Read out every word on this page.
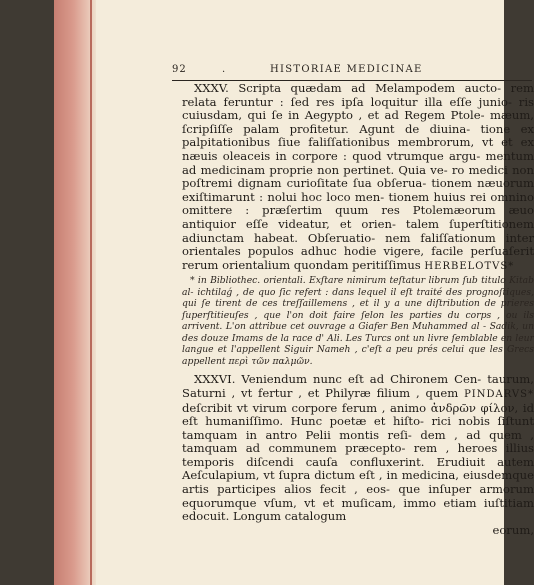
92	.	HISTORIAE MEDICINAE

XXXV. Scripta quædam ad Melampodem aucto- rem relata feruntur : ſed res ipſa loquitur illa eſſe junio- ris cuiusdam, qui ſe in Aegypto , et ad Regem Ptole- mæum, ſcripſiſſe palam profitetur. Agunt de diuina- tione ex palpitationibus ſiue faliſſationibus membrorum, vt et ex næuis oleaceis in corpore : quod vtrumque argu- mentum ad medicinam proprie non pertinet. Quia ve- ro medici non poſtremi dignam curioſitate ſua obſerua- tionem næuorum exiſtimarunt : nolui hoc loco men- tionem huius rei omnino omittere : præſertim quum res Ptolemæorum æuo antiquior eſſe videatur, et orien- talem ſuperſtitionem adiunctam habeat. Obſeruatio- nem faliſſationum inter orientales populos adhuc hodie vigere, facile perſuaſerit rerum orientalium quondam peritiſſimus HERBELOTVS*

* in Bibliothec. orientali. Exſtare nimirum teſtatur librum ſub titulo Kitab al- ichtilaǵ , de quo ſic refert : dans lequel il eſt traité des prognoſtiques, qui ſe tirent de ces treſſaillemens , et il y a une diſtribution de prieres ſuperſtitieuſes , que l'on doit faire ſelon les parties du corps , ou ils arrivent. L'on attribue cet ouvrage a Giafer Ben Muhammed al - Sadik, un des douze Imams de la race d' Ali. Les Turcs ont un livre ſemblable en leur langue et l'appellent Siguir Nameh , c'eſt a peu prés celui que les Grecs appellent περὶ τῶν παλμῶν.

XXXVI. Veniendum nunc eſt ad Chironem Cen- taurum, Saturni , vt fertur , et Philyræ filium , quem PINDARVS* deſcribit vt virum corpore ferum , animo ἀνδρῶν φίλον, id eſt humaniſſimo. Hunc poetæ et hiſto- rici nobis ſiſtunt tamquam in antro Pelii montis reſi- dem , ad quem , tamquam ad communem præcepto- rem , heroes illius temporis diſcendi cauſa confluxerint. Erudiuit autem Aeſculapium, vt ſupra dictum eſt , in medicina, eiusdemque artis participes alios fecit , eos- que inſuper armorum equorumque vſum, vt et muſicam, immo etiam iuſtitiam edocuit. Longum catalogum

eorum,
